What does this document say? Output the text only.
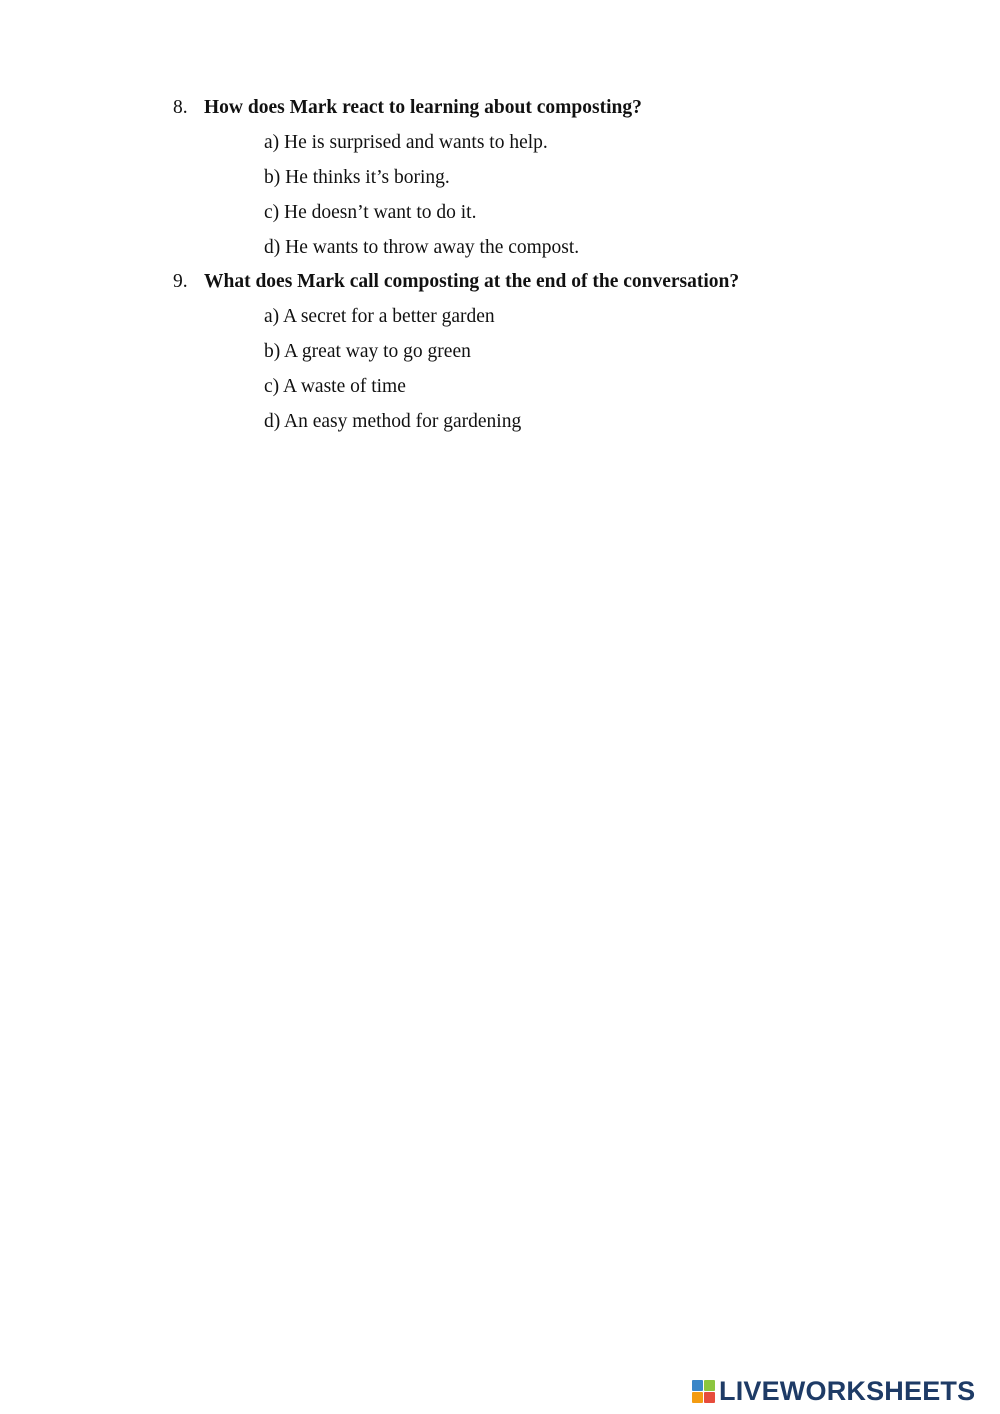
8. How does Mark react to learning about composting?
a) He is surprised and wants to help.
b) He thinks it’s boring.
c) He doesn’t want to do it.
d) He wants to throw away the compost.
9. What does Mark call composting at the end of the conversation?
a) A secret for a better garden
b) A great way to go green
c) A waste of time
d) An easy method for gardening
LIVEWORKSHEETS
